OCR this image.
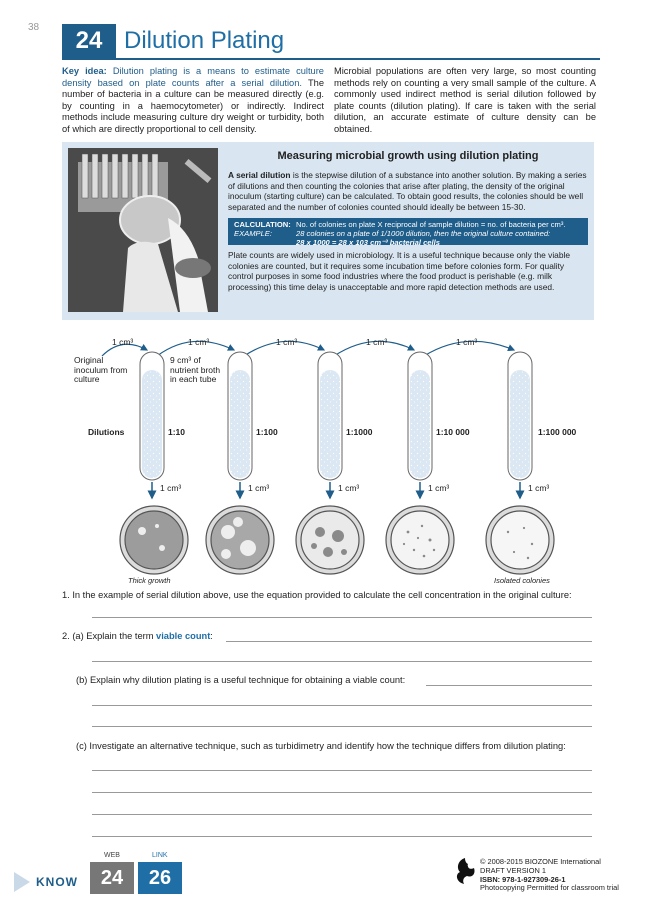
38	24 Dilution Plating
Key idea: Dilution plating is a means to estimate culture density based on plate counts after a serial dilution. The number of bacteria in a culture can be measured directly (e.g. by counting in a haemocytometer) or indirectly. Indirect methods include measuring culture dry weight or turbidity, both of which are directly proportional to cell density.
Microbial populations are often very large, so most counting methods rely on counting a very small sample of the culture. A commonly used indirect method is serial dilution followed by plate counts (dilution plating). If care is taken with the serial dilution, an accurate estimate of culture density can be obtained.
Measuring microbial growth using dilution plating
A serial dilution is the stepwise dilution of a substance into another solution. By making a series of dilutions and then counting the colonies that arise after plating, the density of the original inoculum (starting culture) can be calculated. To obtain good results, the colonies should be well separated and the number of colonies counted should ideally be between 15-30.
CALCULATION: No. of colonies on plate X reciprocal of sample dilution = no. of bacteria per cm³.
EXAMPLE:	28 colonies on a plate of 1/1000 dilution, then the original culture contained:
28 x 1000 = 28 x 103 cm⁻³ bacterial cells
Plate counts are widely used in microbiology. It is a useful technique because only the viable colonies are counted, but it requires some incubation time before colonies form. For quality control purposes in some food industries where the food product is perishable (e.g. milk processing) this time delay is unacceptable and more rapid detection methods are used.
1 cm³	1 cm³	1 cm³	1 cm³	1 cm³
Original inoculum from culture
9 cm³ of nutrient broth in each tube
Dilutions	1:10	1:100	1:1000	1:10 000	1:100 000
1 cm³	1 cm³	1 cm³	1 cm³	1 cm³
Thick growth	Isolated colonies
1. In the example of serial dilution above, use the equation provided to calculate the cell concentration in the original culture:
2. (a) Explain the term viable count:
(b) Explain why dilution plating is a useful technique for obtaining a viable count:
(c) Investigate an alternative technique, such as turbidimetry and identify how the technique differs from dilution plating:
KNOW
WEB	LINK
24	26
© 2008-2015 BIOZONE International
DRAFT VERSION 1
ISBN: 978-1-927309-26-1
Photocopying Permitted for classroom trial
